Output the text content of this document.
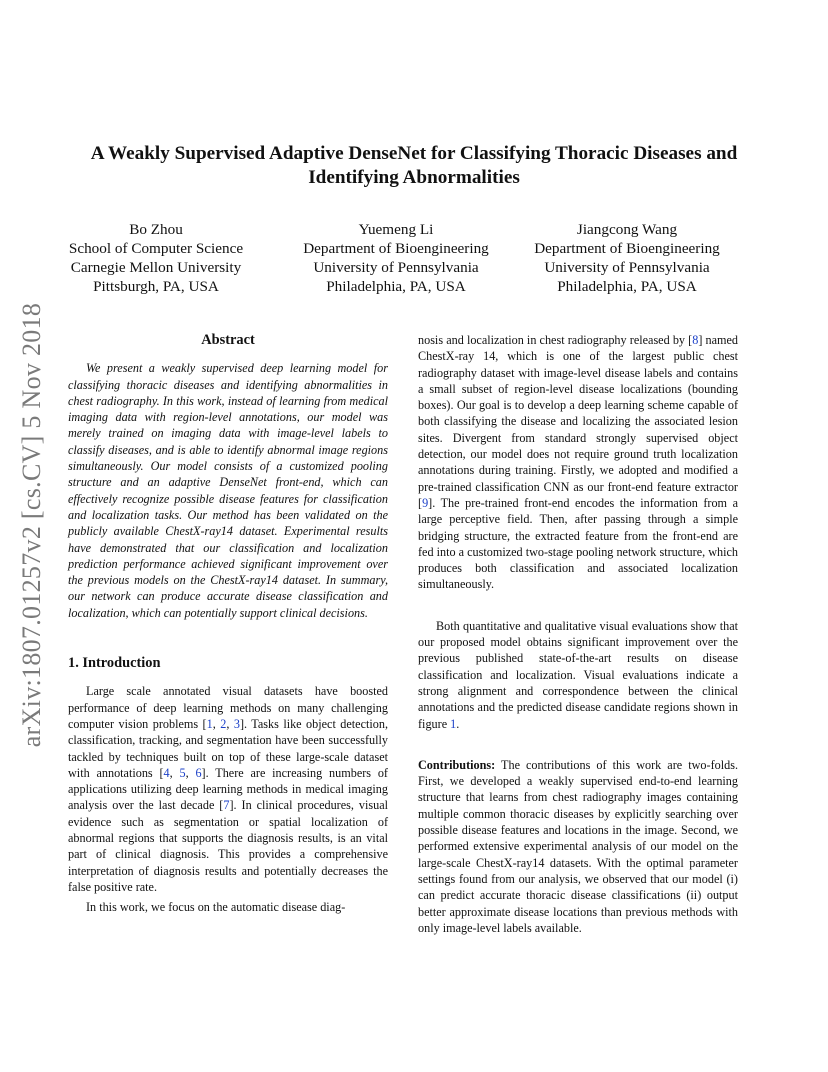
arXiv:1807.01257v2 [cs.CV] 5 Nov 2018
A Weakly Supervised Adaptive DenseNet for Classifying Thoracic Diseases and
Identifying Abnormalities
Bo Zhou
School of Computer Science
Carnegie Mellon University
Pittsburgh, PA, USA
Yuemeng Li
Department of Bioengineering
University of Pennsylvania
Philadelphia, PA, USA
Jiangcong Wang
Department of Bioengineering
University of Pennsylvania
Philadelphia, PA, USA
Abstract

We present a weakly supervised deep learning model for classifying thoracic diseases and identifying abnormalities in chest radiography. In this work, instead of learning from medical imaging data with region-level annotations, our model was merely trained on imaging data with image-level labels to classify diseases, and is able to identify abnormal image regions simultaneously. Our model consists of a customized pooling structure and an adaptive DenseNet front-end, which can effectively recognize possible disease features for classification and localization tasks. Our method has been validated on the publicly available ChestX-ray14 dataset. Experimental results have demonstrated that our classification and localization prediction performance achieved significant improvement over the previous models on the ChestX-ray14 dataset. In summary, our network can produce accurate disease classification and localization, which can potentially support clinical decisions.

1. Introduction

Large scale annotated visual datasets have boosted performance of deep learning methods on many challenging computer vision problems [1, 2, 3]. Tasks like object detection, classification, tracking, and segmentation have been successfully tackled by techniques built on top of these large-scale dataset with annotations [4, 5, 6]. There are increasing numbers of applications utilizing deep learning methods in medical imaging analysis over the last decade [7]. In clinical procedures, visual evidence such as segmentation or spatial localization of abnormal regions that supports the diagnosis results, is an vital part of clinical diagnosis. This provides a comprehensive interpretation of diagnosis results and potentially decreases the false positive rate.

In this work, we focus on the automatic disease diag-

nosis and localization in chest radiography released by [8] named ChestX-ray 14, which is one of the largest public chest radiography dataset with image-level disease labels and contains a small subset of region-level disease localizations (bounding boxes). Our goal is to develop a deep learning scheme capable of both classifying the disease and localizing the associated lesion sites. Divergent from standard strongly supervised object detection, our model does not require ground truth localization annotations during training. Firstly, we adopted and modified a pre-trained classification CNN as our front-end feature extractor [9]. The pre-trained front-end encodes the information from a large perceptive field. Then, after passing through a simple bridging structure, the extracted feature from the front-end are fed into a customized two-stage pooling network structure, which produces both classification and associated localization simultaneously.

Both quantitative and qualitative visual evaluations show that our proposed model obtains significant improvement over the previous published state-of-the-art results on disease classification and localization. Visual evaluations indicate a strong alignment and correspondence between the clinical annotations and the predicted disease candidate regions shown in figure 1.

Contributions: The contributions of this work are two-folds. First, we developed a weakly supervised end-to-end learning structure that learns from chest radiography images containing multiple common thoracic diseases by explicitly searching over possible disease features and locations in the image. Second, we performed extensive experimental analysis of our model on the large-scale ChestX-ray14 datasets. With the optimal parameter settings found from our analysis, we observed that our model (i) can predict accurate thoracic disease classifications (ii) output better approximate disease locations than previous methods with only image-level labels available.
